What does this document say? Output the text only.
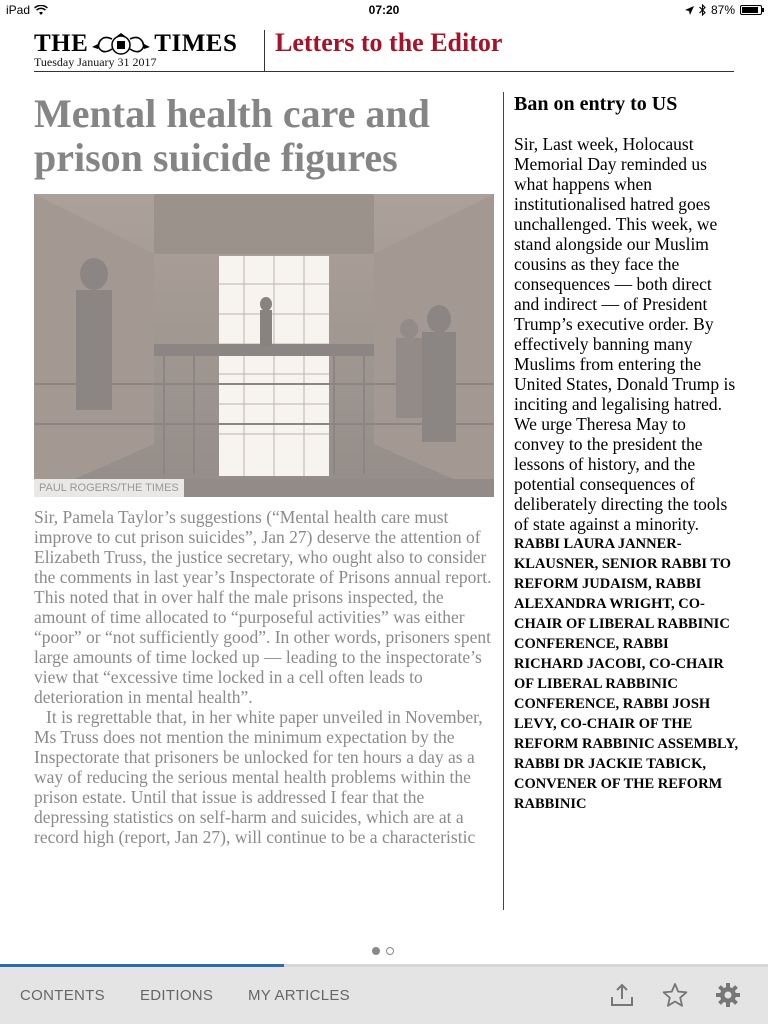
iPad	07:20	87%
THE	TIMES
Tuesday January 31 2017
Letters to the Editor
Mental health care and prison suicide figures
PAUL ROGERS/THE TIMES

Sir, Pamela Taylor’s suggestions (“Mental health care must improve to cut prison suicides”, Jan 27) deserve the attention of Elizabeth Truss, the justice secretary, who ought also to consider the comments in last year’s Inspectorate of Prisons annual report. This noted that in over half the male prisons inspected, the amount of time allocated to “purposeful activities” was either “poor” or “not sufficiently good”. In other words, prisoners spent large amounts of time locked up — leading to the inspectorate’s view that “excessive time locked in a cell often leads to deterioration in mental health”.

It is regrettable that, in her white paper unveiled in November, Ms Truss does not mention the minimum expectation by the Inspectorate that prisoners be unlocked for ten hours a day as a way of reducing the serious mental health problems within the prison estate. Until that issue is addressed I fear that the depressing statistics on self-harm and suicides, which are at a record high (report, Jan 27), will continue to be a characteristic

Ban on entry to US

Sir, Last week, Holocaust Memorial Day reminded us what happens when institutionalised hatred goes unchallenged. This week, we stand alongside our Muslim cousins as they face the consequences — both direct and indirect — of President Trump’s executive order. By effectively banning many Muslims from entering the United States, Donald Trump is inciting and legalising hatred. We urge Theresa May to convey to the president the lessons of history, and the potential consequences of deliberately directing the tools of state against a minority.

RABBI LAURA JANNER-KLAUSNER, SENIOR RABBI TO REFORM JUDAISM, RABBI ALEXANDRA WRIGHT, CO-CHAIR OF LIBERAL RABBINIC CONFERENCE, RABBI RICHARD JACOBI, CO-CHAIR OF LIBERAL RABBINIC CONFERENCE, RABBI JOSH LEVY, CO-CHAIR OF THE REFORM RABBINIC ASSEMBLY, RABBI DR JACKIE TABICK, CONVENER OF THE REFORM RABBINIC

CONTENTS EDITIONS MY ARTICLES
